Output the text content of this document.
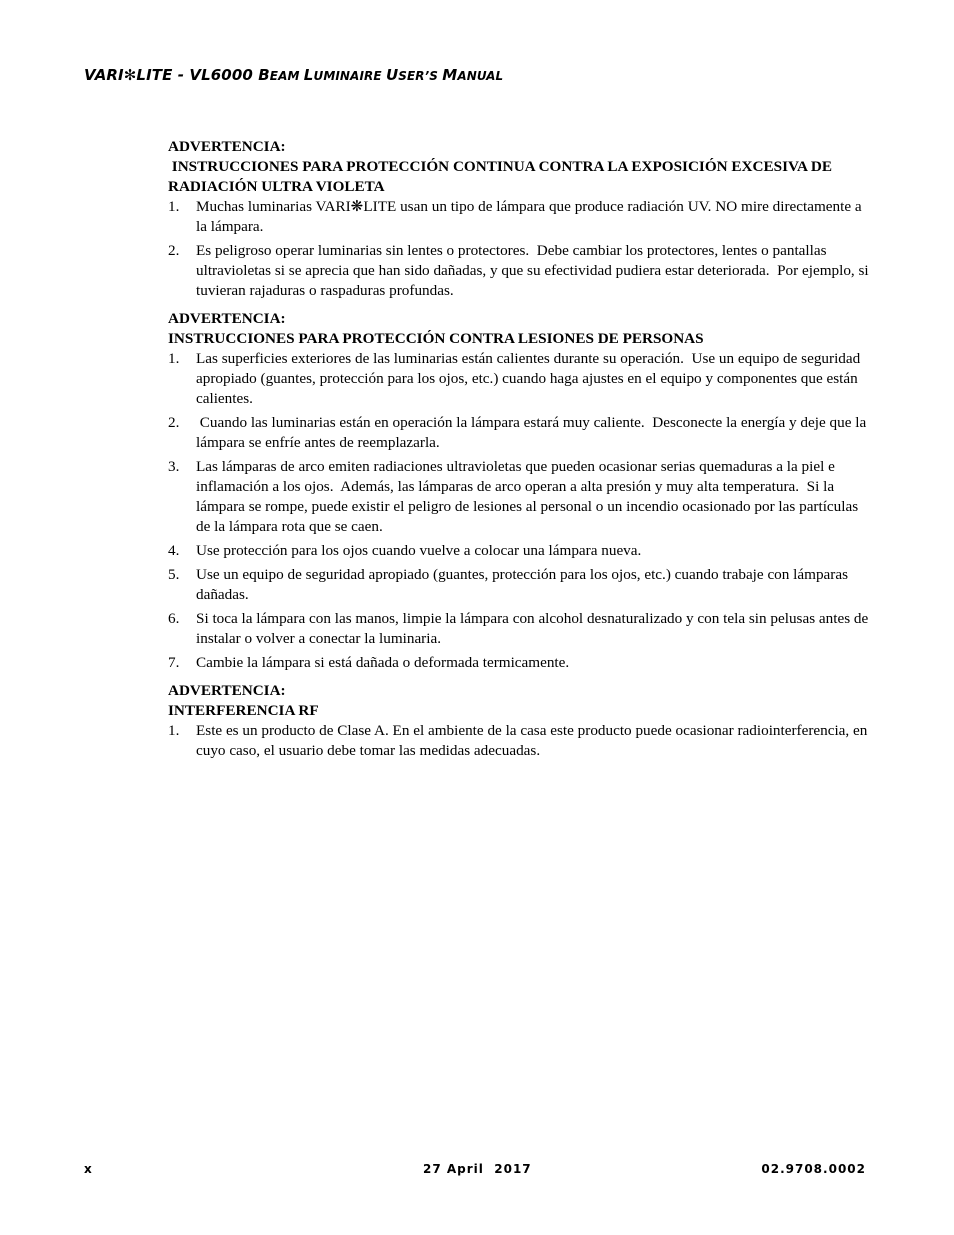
VARI✻LITE - VL6000 BEAM LUMINAIRE USER’S MANUAL
ADVERTENCIA:
INSTRUCCIONES PARA PROTECCIÓN CONTINUA CONTRA LA EXPOSICIÓN EXCESIVA DE RADIACIÓN ULTRA VIOLETA
1. Muchas luminarias VARI❋LITE usan un tipo de lámpara que produce radiación UV. NO mire directamente a la lámpara.
2. Es peligroso operar luminarias sin lentes o protectores.  Debe cambiar los protectores, lentes o pantallas ultravioletas si se aprecia que han sido dañadas, y que su efectividad pudiera estar deteriorada.  Por ejemplo, si tuvieran rajaduras o raspaduras profundas.
ADVERTENCIA:
INSTRUCCIONES PARA PROTECCIÓN CONTRA LESIONES DE PERSONAS
1. Las superficies exteriores de las luminarias están calientes durante su operación.  Use un equipo de seguridad apropiado (guantes, protección para los ojos, etc.) cuando haga ajustes en el equipo y componentes que están calientes.
2. Cuando las luminarias están en operación la lámpara estará muy caliente.  Desconecte la energía y deje que la lámpara se enfríe antes de reemplazarla.
3. Las lámparas de arco emiten radiaciones ultravioletas que pueden ocasionar serias quemaduras a la piel e inflamación a los ojos.  Además, las lámparas de arco operan a alta presión y muy alta temperatura.  Si la lámpara se rompe, puede existir el peligro de lesiones al personal o un incendio ocasionado por las partículas de la lámpara rota que se caen.
4. Use protección para los ojos cuando vuelve a colocar una lámpara nueva.
5. Use un equipo de seguridad apropiado (guantes, protección para los ojos, etc.) cuando trabaje con lámparas dañadas.
6. Si toca la lámpara con las manos, limpie la lámpara con alcohol desnaturalizado y con tela sin pelusas antes de instalar o volver a conectar la luminaria.
7. Cambie la lámpara si está dañada o deformada termicamente.
ADVERTENCIA:
INTERFERENCIA RF
1. Este es un producto de Clase A. En el ambiente de la casa este producto puede ocasionar radiointerferencia, en cuyo caso, el usuario debe tomar las medidas adecuadas.
x	27 April  2017	02.9708.0002
